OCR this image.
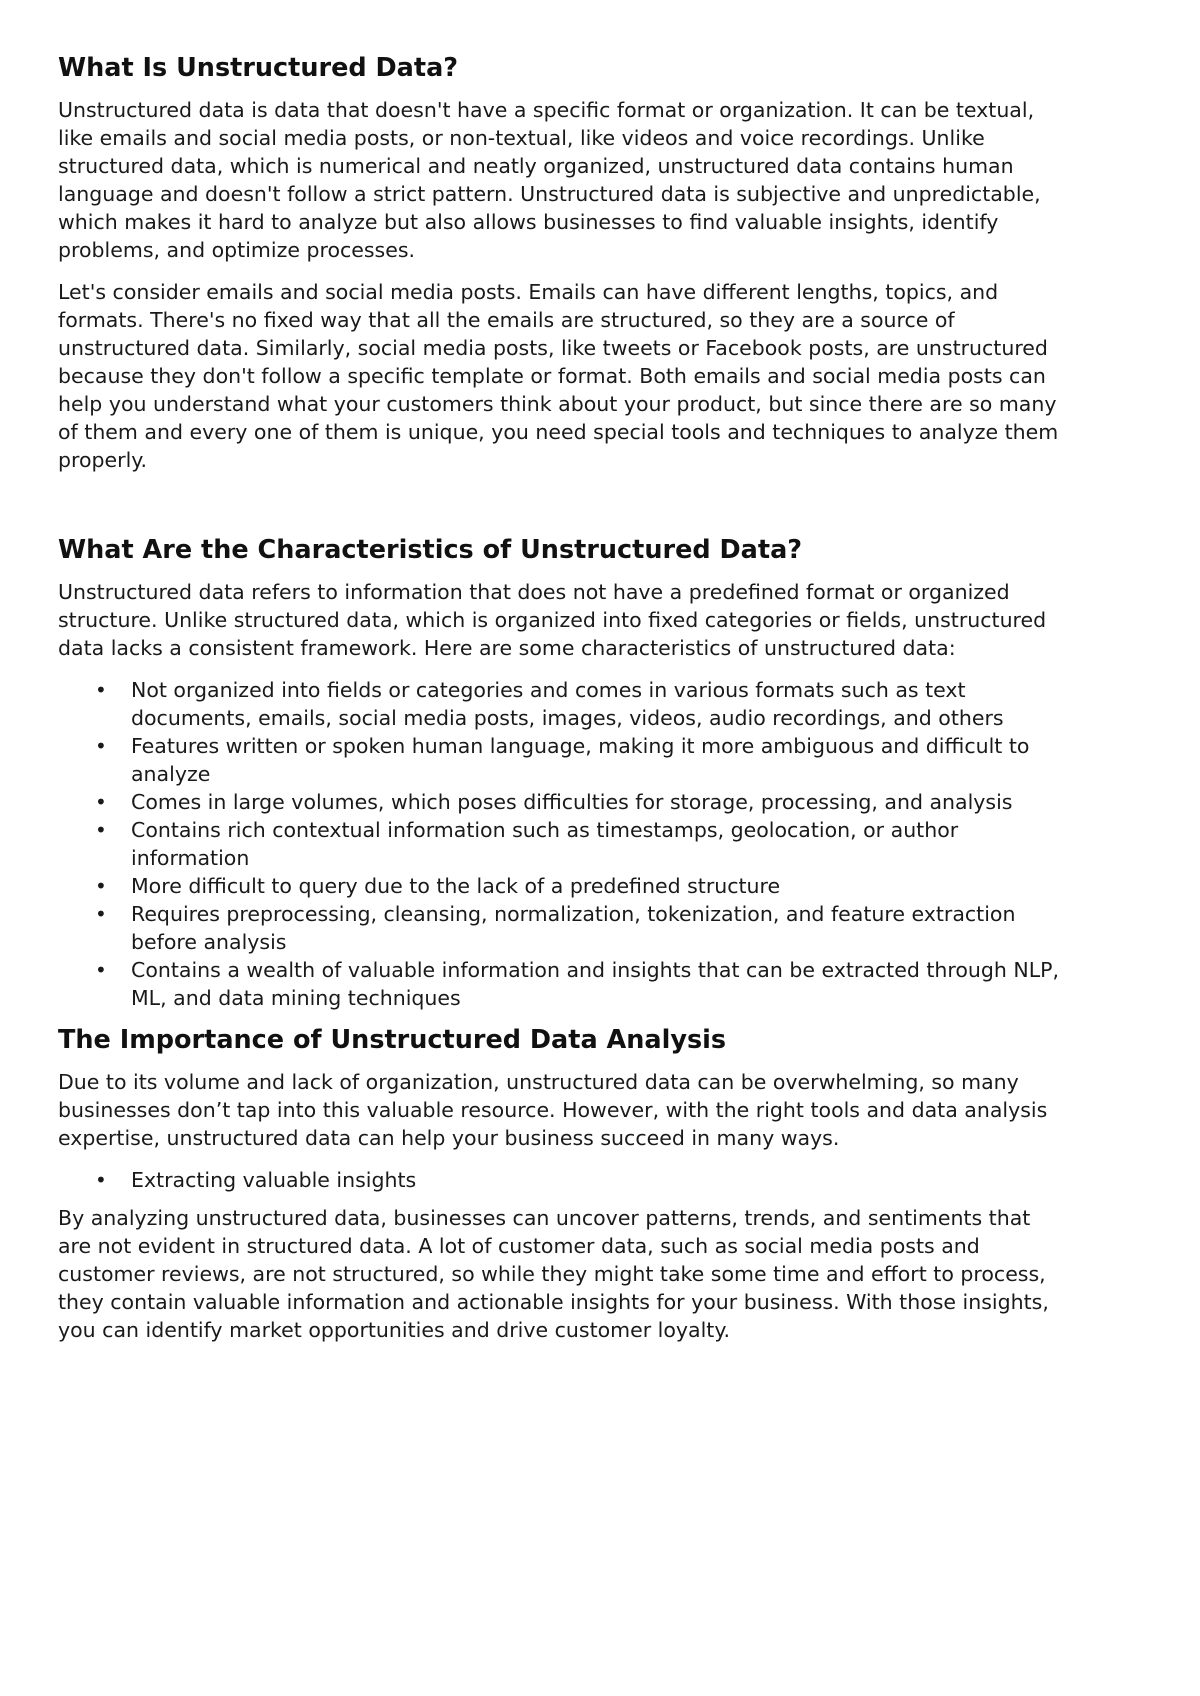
What Is Unstructured Data?

Unstructured data is data that doesn't have a specific format or organization. It can be textual, like emails and social media posts, or non-textual, like videos and voice recordings. Unlike structured data, which is numerical and neatly organized, unstructured data contains human language and doesn't follow a strict pattern. Unstructured data is subjective and unpredictable, which makes it hard to analyze but also allows businesses to find valuable insights, identify problems, and optimize processes.

Let's consider emails and social media posts. Emails can have different lengths, topics, and formats. There's no fixed way that all the emails are structured, so they are a source of unstructured data. Similarly, social media posts, like tweets or Facebook posts, are unstructured because they don't follow a specific template or format. Both emails and social media posts can help you understand what your customers think about your product, but since there are so many of them and every one of them is unique, you need special tools and techniques to analyze them properly.

What Are the Characteristics of Unstructured Data?

Unstructured data refers to information that does not have a predefined format or organized structure. Unlike structured data, which is organized into fixed categories or fields, unstructured data lacks a consistent framework. Here are some characteristics of unstructured data:

• Not organized into fields or categories and comes in various formats such as text documents, emails, social media posts, images, videos, audio recordings, and others
• Features written or spoken human language, making it more ambiguous and difficult to analyze
• Comes in large volumes, which poses difficulties for storage, processing, and analysis
• Contains rich contextual information such as timestamps, geolocation, or author information
• More difficult to query due to the lack of a predefined structure
• Requires preprocessing, cleansing, normalization, tokenization, and feature extraction before analysis
• Contains a wealth of valuable information and insights that can be extracted through NLP, ML, and data mining techniques
The Importance of Unstructured Data Analysis

Due to its volume and lack of organization, unstructured data can be overwhelming, so many businesses don’t tap into this valuable resource. However, with the right tools and data analysis expertise, unstructured data can help your business succeed in many ways.

• Extracting valuable insights

By analyzing unstructured data, businesses can uncover patterns, trends, and sentiments that are not evident in structured data. A lot of customer data, such as social media posts and customer reviews, are not structured, so while they might take some time and effort to process, they contain valuable information and actionable insights for your business. With those insights, you can identify market opportunities and drive customer loyalty.
